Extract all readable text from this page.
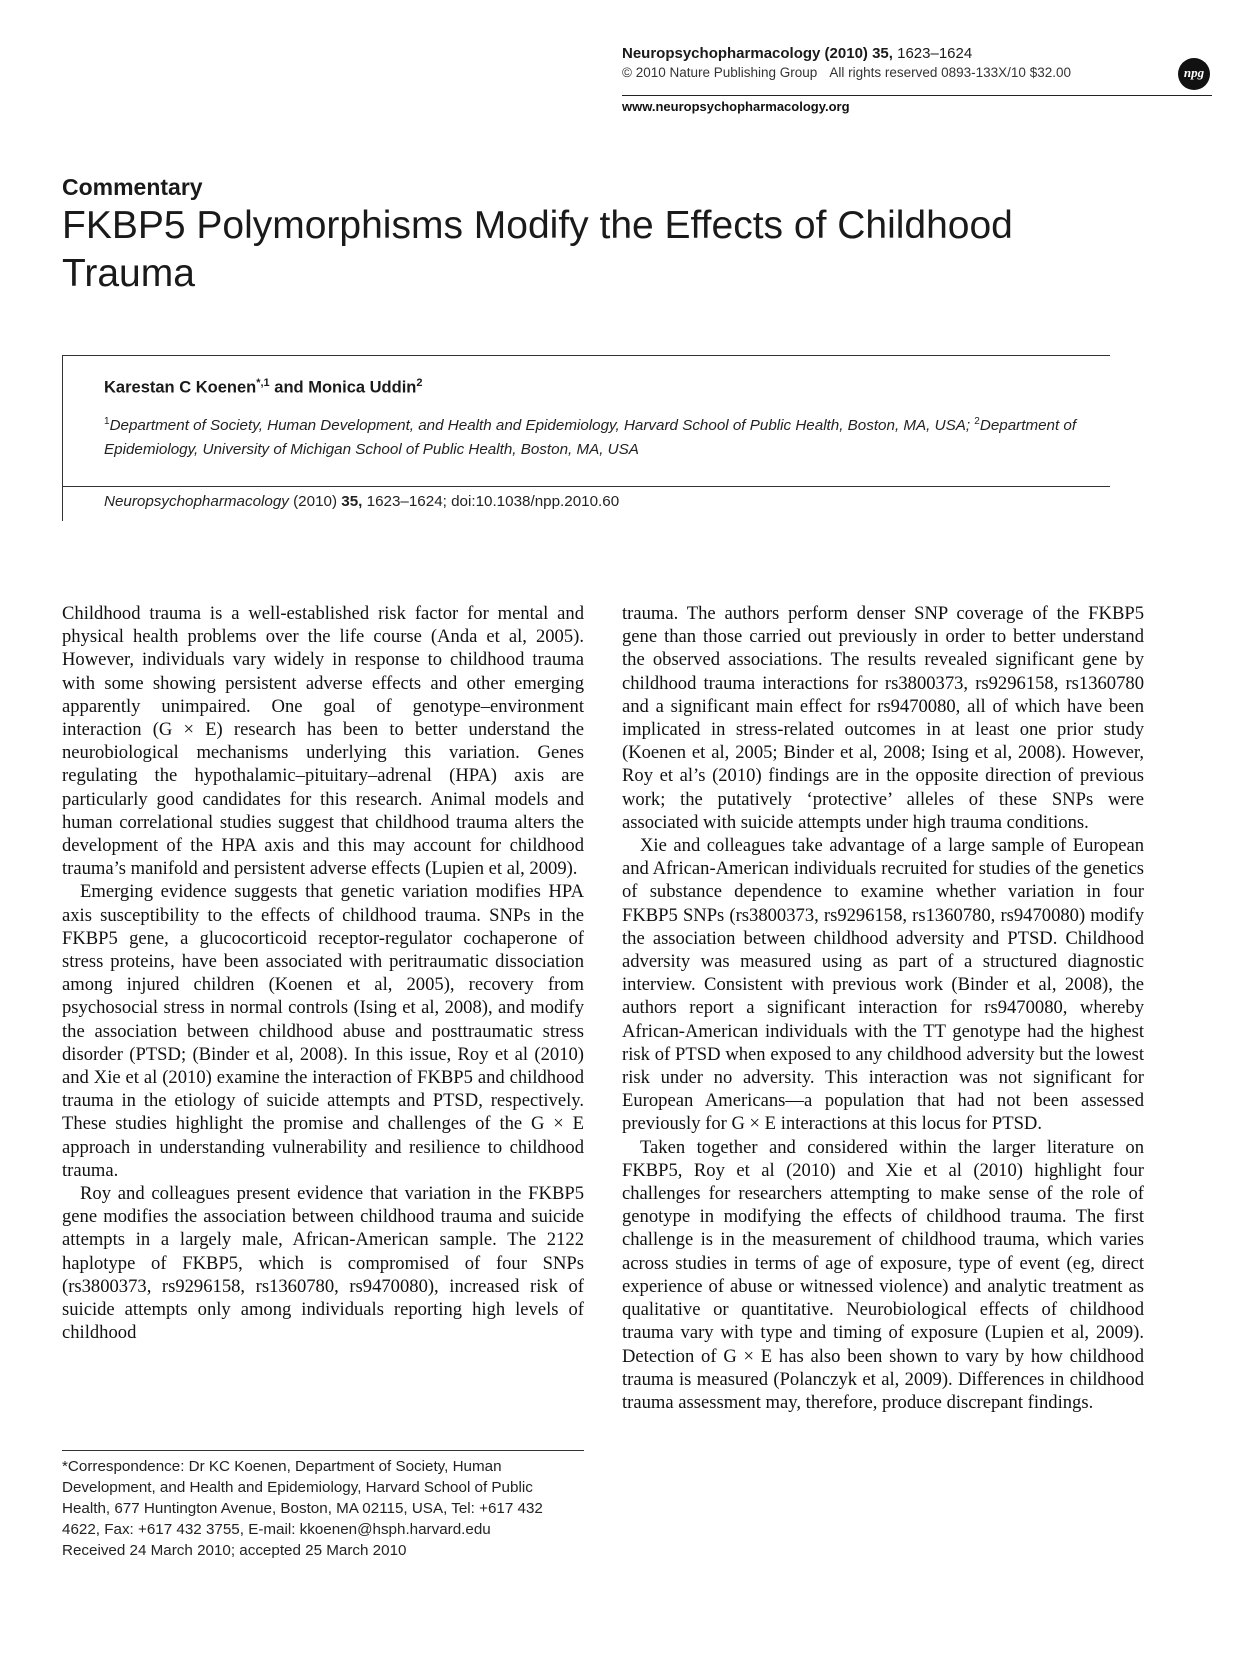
Neuropsychopharmacology (2010) 35, 1623–1624
© 2010 Nature Publishing Group All rights reserved 0893-133X/10 $32.00	npg
www.neuropsychopharmacology.org
Commentary
FKBP5 Polymorphisms Modify the Effects of Childhood
Trauma
Karestan C Koenen$^{*,1}$ and Monica Uddin$^2$
$^1$Department of Society, Human Development, and Health and Epidemiology, Harvard School of Public Health, Boston, MA, USA; $^2$Department of Epidemiology, University of Michigan School of Public Health, Boston, MA, USA
Neuropsychopharmacology (2010) 35, 1623–1624; doi:10.1038/npp.2010.60

Childhood trauma is a well-established risk factor for mental and physical health problems over the life course (Anda et al, 2005). However, individuals vary widely in response to childhood trauma with some showing persistent adverse effects and other emerging apparently unimpaired. One goal of genotype–environment interaction (G × E) research has been to better understand the neurobiological mechanisms underlying this variation. Genes regulating the hypothalamic–pituitary–adrenal (HPA) axis are particularly good candidates for this research. Animal models and human correlational studies suggest that childhood trauma alters the development of the HPA axis and this may account for childhood trauma’s manifold and persistent adverse effects (Lupien et al, 2009).

Emerging evidence suggests that genetic variation modifies HPA axis susceptibility to the effects of childhood trauma. SNPs in the FKBP5 gene, a glucocorticoid receptor-regulator cochaperone of stress proteins, have been associated with peritraumatic dissociation among injured children (Koenen et al, 2005), recovery from psychosocial stress in normal controls (Ising et al, 2008), and modify the association between childhood abuse and posttraumatic stress disorder (PTSD; (Binder et al, 2008). In this issue, Roy et al (2010) and Xie et al (2010) examine the interaction of FKBP5 and childhood trauma in the etiology of suicide attempts and PTSD, respectively. These studies highlight the promise and challenges of the G × E approach in understanding vulnerability and resilience to childhood trauma.

Roy and colleagues present evidence that variation in the FKBP5 gene modifies the association between childhood trauma and suicide attempts in a largely male, African-American sample. The 2122 haplotype of FKBP5, which is compromised of four SNPs (rs3800373, rs9296158, rs1360780, rs9470080), increased risk of suicide attempts only among individuals reporting high levels of childhood

trauma. The authors perform denser SNP coverage of the FKBP5 gene than those carried out previously in order to better understand the observed associations. The results revealed significant gene by childhood trauma interactions for rs3800373, rs9296158, rs1360780 and a significant main effect for rs9470080, all of which have been implicated in stress-related outcomes in at least one prior study (Koenen et al, 2005; Binder et al, 2008; Ising et al, 2008). However, Roy et al’s (2010) findings are in the opposite direction of previous work; the putatively ‘protective’ alleles of these SNPs were associated with suicide attempts under high trauma conditions.

Xie and colleagues take advantage of a large sample of European and African-American individuals recruited for studies of the genetics of substance dependence to examine whether variation in four FKBP5 SNPs (rs3800373, rs9296158, rs1360780, rs9470080) modify the association between childhood adversity and PTSD. Childhood adversity was measured using as part of a structured diagnostic interview. Consistent with previous work (Binder et al, 2008), the authors report a significant interaction for rs9470080, whereby African-American individuals with the TT genotype had the highest risk of PTSD when exposed to any childhood adversity but the lowest risk under no adversity. This interaction was not significant for European Americans—a population that had not been assessed previously for G × E interactions at this locus for PTSD.

Taken together and considered within the larger literature on FKBP5, Roy et al (2010) and Xie et al (2010) highlight four challenges for researchers attempting to make sense of the role of genotype in modifying the effects of childhood trauma. The first challenge is in the measurement of childhood trauma, which varies across studies in terms of age of exposure, type of event (eg, direct experience of abuse or witnessed violence) and analytic treatment as qualitative or quantitative. Neurobiological effects of childhood trauma vary with type and timing of exposure (Lupien et al, 2009). Detection of G × E has also been shown to vary by how childhood trauma is measured (Polanczyk et al, 2009). Differences in childhood trauma assessment may, therefore, produce discrepant findings.

*Correspondence: Dr KC Koenen, Department of Society, Human Development, and Health and Epidemiology, Harvard School of Public Health, 677 Huntington Avenue, Boston, MA 02115, USA, Tel: +617 432 4622, Fax: +617 432 3755, E-mail: kkoenen@hsph.harvard.edu

Received 24 March 2010; accepted 25 March 2010
